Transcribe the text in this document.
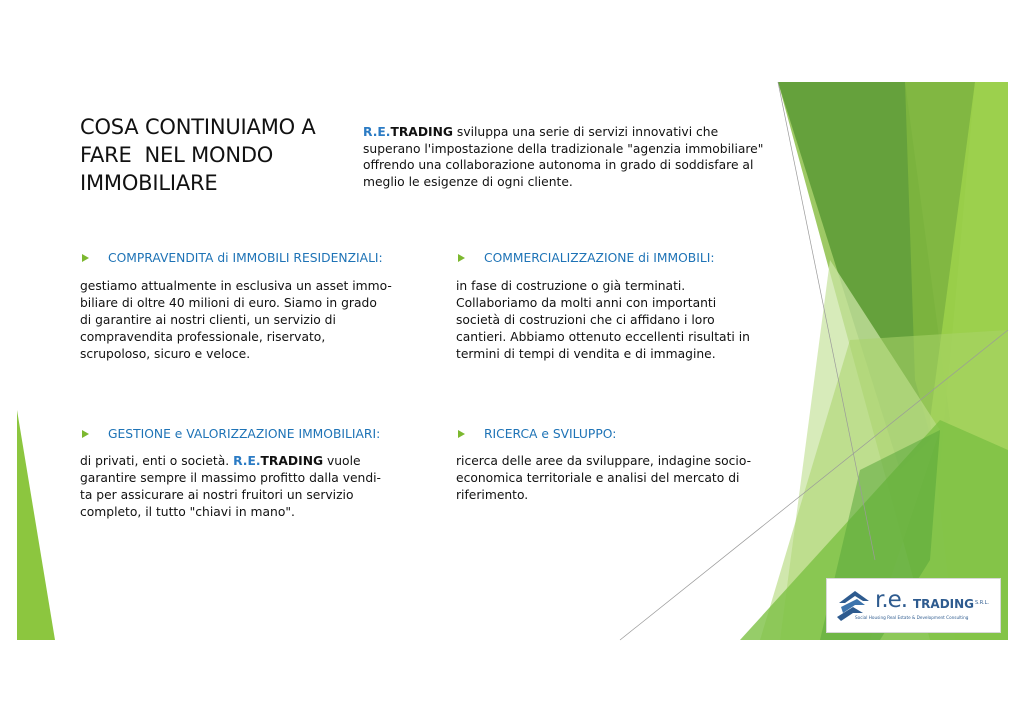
COSA CONTINUIAMO A
FARE  NEL MONDO
IMMOBILIARE
R.E.TRADING sviluppa una serie di servizi innovativi che
superano l'impostazione della tradizionale "agenzia immobiliare"
offrendo una collaborazione autonoma in grado di soddisfare al
meglio le esigenze di ogni cliente.
COMPRAVENDITA di IMMOBILI RESIDENZIALI:
gestiamo attualmente in esclusiva un asset immo-
biliare di oltre 40 milioni di euro. Siamo in grado
di garantire ai nostri clienti, un servizio di
compravendita professionale, riservato,
scrupoloso, sicuro e veloce.
COMMERCIALIZZAZIONE di IMMOBILI:
in fase di costruzione o già terminati.
Collaboriamo da molti anni con importanti
società di costruzioni che ci affidano i loro
cantieri. Abbiamo ottenuto eccellenti risultati in
termini di tempi di vendita e di immagine.
GESTIONE e VALORIZZAZIONE IMMOBILIARI:
di privati, enti o società. R.E.TRADING vuole
garantire sempre il massimo profitto dalla vendi-
ta per assicurare ai nostri fruitori un servizio
completo, il tutto "chiavi in mano".
RICERCA e SVILUPPO:
ricerca delle aree da sviluppare, indagine socio-
economica territoriale e analisi del mercato di
riferimento.
r.e. TRADING S.R.L.
Social Housing Real Estate & Development Consulting
